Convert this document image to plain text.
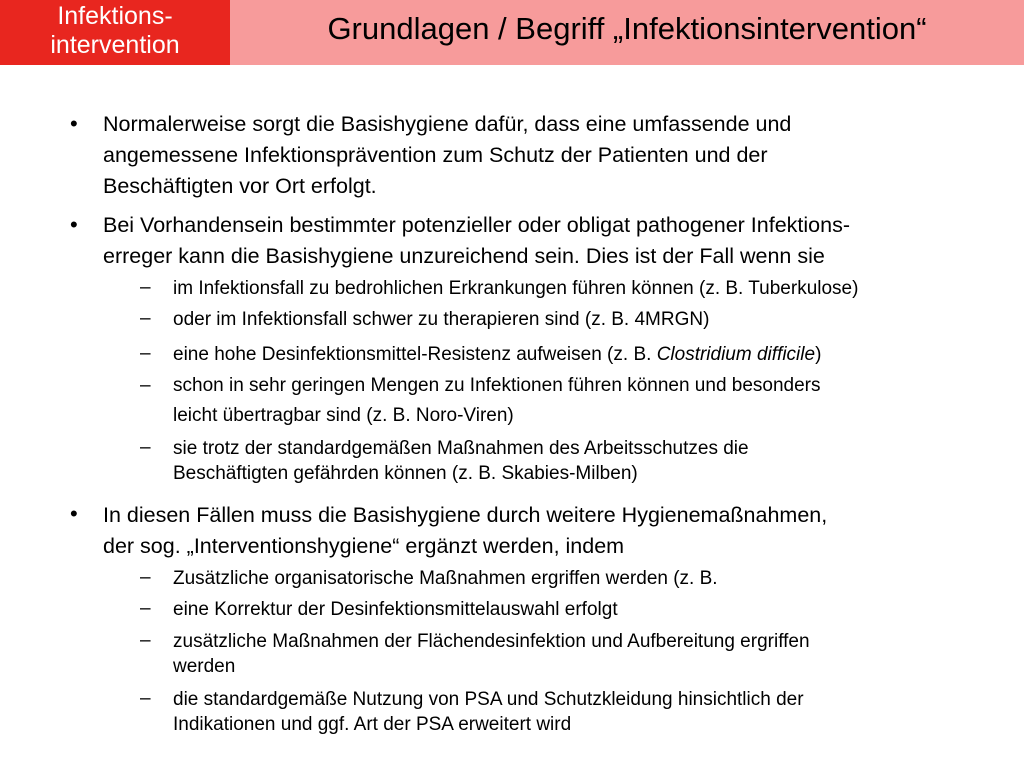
Infektions-
intervention	Grundlagen / Begriff „Infektionsintervention“
• Normalerweise sorgt die Basishygiene dafür, dass eine umfassende und
angemessene Infektionsprävention zum Schutz der Patienten und der
Beschäftigten vor Ort erfolgt.
• Bei Vorhandensein bestimmter potenzieller oder obligat pathogener Infektions-
erreger kann die Basishygiene unzureichend sein. Dies ist der Fall wenn sie
– im Infektionsfall zu bedrohlichen Erkrankungen führen können (z. B. Tuberkulose)
– oder im Infektionsfall schwer zu therapieren sind (z. B. 4MRGN)
– eine hohe Desinfektionsmittel-Resistenz aufweisen (z. B. Clostridium difficile)
– schon in sehr geringen Mengen zu Infektionen führen können und besonders
leicht übertragbar sind (z. B. Noro-Viren)
– sie trotz der standardgemäßen Maßnahmen des Arbeitsschutzes die
Beschäftigten gefährden können (z. B. Skabies-Milben)
• In diesen Fällen muss die Basishygiene durch weitere Hygienemaßnahmen,
der sog. „Interventionshygiene“ ergänzt werden, indem
– Zusätzliche organisatorische Maßnahmen ergriffen werden (z. B.
– eine Korrektur der Desinfektionsmittelauswahl erfolgt
– zusätzliche Maßnahmen der Flächendesinfektion und Aufbereitung ergriffen
werden
– die standardgemäße Nutzung von PSA und Schutzkleidung hinsichtlich der
Indikationen und ggf. Art der PSA erweitert wird
